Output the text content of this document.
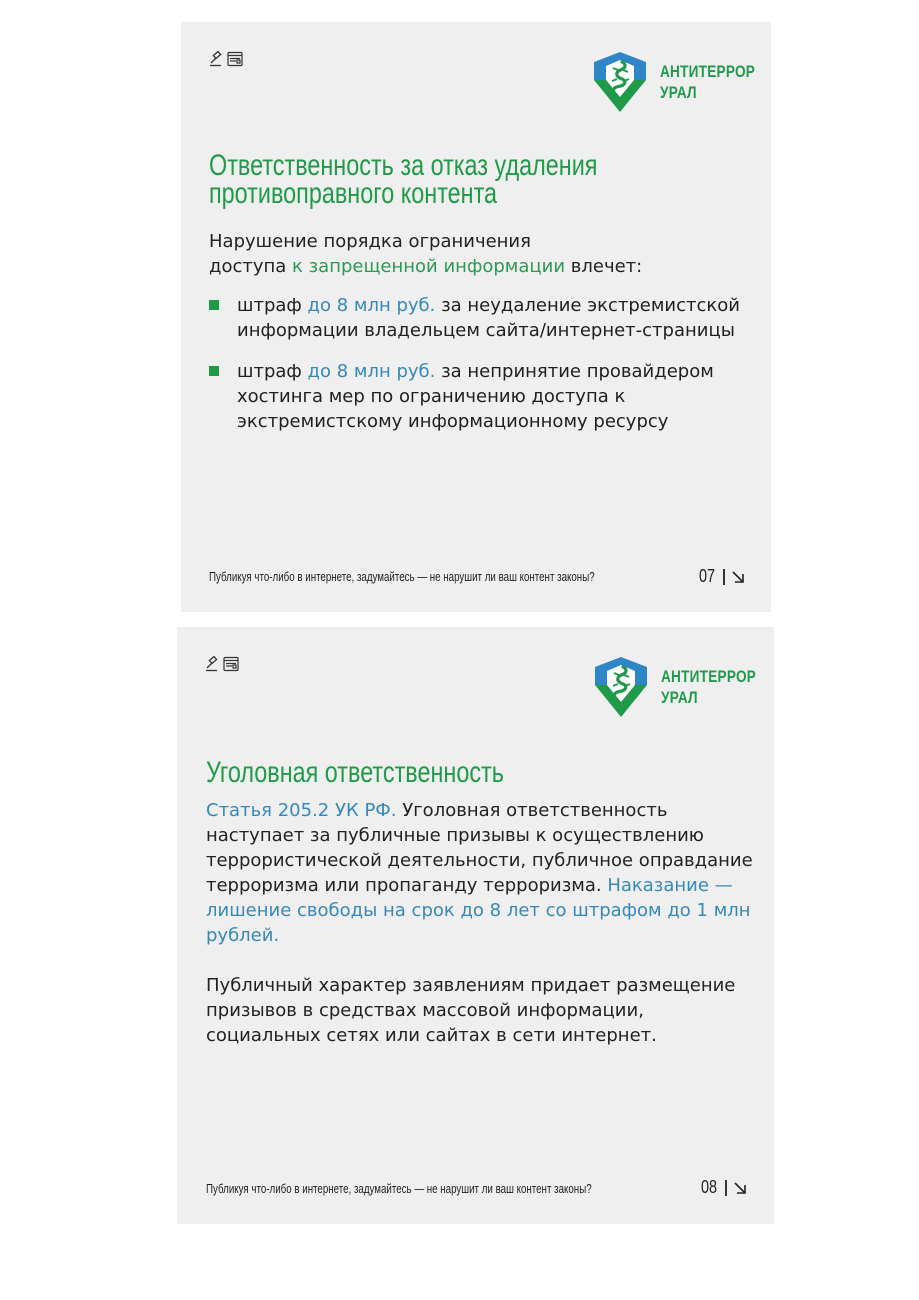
АНТИТЕРРОР
УРАЛ
Ответственность за отказ удаления
противоправного контента

Нарушение порядка ограничения

доступа к запрещенной информации влечет:

штраф до 8 млн руб. за неудаление экстремистской информации владельцем сайта/интернет-страницы
штраф до 8 млн руб. за непринятие провайдером хостинга мер по ограничению доступа к экстремистскому информационному ресурсу
Публикуя что-либо в интернете, задумайтесь — не нарушит ли ваш контент законы?	07
АНТИТЕРРОР
УРАЛ
Уголовная ответственность

Статья 205.2 УК РФ. Уголовная ответственность наступает за публичные призывы к осуществлению террористической деятельности, публичное оправдание терроризма или пропаганду терроризма. Наказание — лишение свободы на срок до 8 лет со штрафом до 1 млн рублей.

Публичный характер заявлениям придает размещение призывов в средствах массовой информации, социальных сетях или сайтах в сети интернет.

Публикуя что-либо в интернете, задумайтесь — не нарушит ли ваш контент законы?	08
